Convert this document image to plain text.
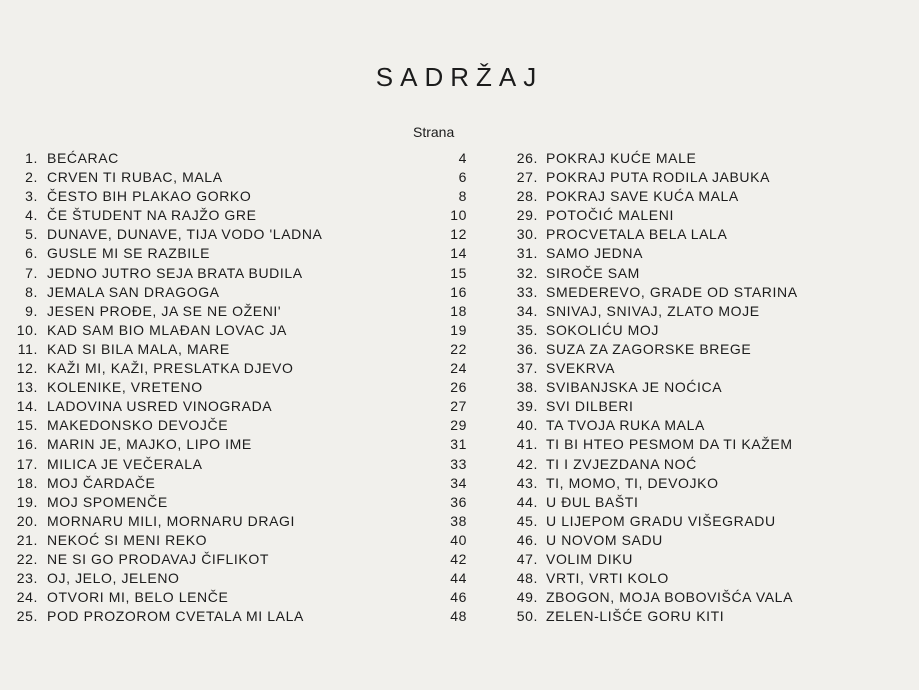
SADRŽAJ
Strana
1. BEĆARAC	4
2. CRVEN TI RUBAC, MALA	6
3. ČESTO BIH PLAKAO GORKO	8
4. ČE ŠTUDENT NA RAJŽO GRE	10
5. DUNAVE, DUNAVE, TIJA VODO 'LADNA	12
6. GUSLE MI SE RAZBILE	14
7. JEDNO JUTRO SEJA BRATA BUDILA	15
8. JEMALA SAN DRAGOGA	16
9. JESEN PROĐE, JA SE NE OŽENI'	18
10. KAD SAM BIO MLAĐAN LOVAC JA	19
11. KAD SI BILA MALA, MARE	22
12. KAŽI MI, KAŽI, PRESLATKA DJEVO	24
13. KOLENIKE, VRETENO	26
14. LADOVINA USRED VINOGRADA	27
15. MAKEDONSKO DEVOJČE	29
16. MARIN JE, MAJKO, LIPO IME	31
17. MILICA JE VEČERALA	33
18. MOJ ČARDAČE	34
19. MOJ SPOMENČE	36
20. MORNARU MILI, MORNARU DRAGI	38
21. NEKOĆ SI MENI REKO	40
22. NE SI GO PRODAVAJ ČIFLIKOT	42
23. OJ, JELO, JELENO	44
24. OTVORI MI, BELO LENČE	46
25. POD PROZOROM CVETALA MI LALA	48
26. POKRAJ KUĆE MALE
27. POKRAJ PUTA RODILA JABUKA
28. POKRAJ SAVE KUĆA MALA
29. POTOČIĆ MALENI
30. PROCVETALA BELA LALA
31. SAMO JEDNA
32. SIROČE SAM
33. SMEDEREVO, GRADE OD STARINA
34. SNIVAJ, SNIVAJ, ZLATO MOJE
35. SOKOLIĆU MOJ
36. SUZA ZA ZAGORSKE BREGE
37. SVEKRVA
38. SVIBANJSKA JE NOĆICA
39. SVI DILBERI
40. TA TVOJA RUKA MALA
41. TI BI HTEO PESMOM DA TI KAŽEM
42. TI I ZVJEZDANA NOĆ
43. TI, MOMO, TI, DEVOJKO
44. U ĐUL BAŠTI
45. U LIJEPOM GRADU VIŠEGRADU
46. U NOVOM SADU
47. VOLIM DIKU
48. VRTI, VRTI KOLO
49. ZBOGON, MOJA BOBOVIŠĆA VALA
50. ZELEN-LIŠĆE GORU KITI
